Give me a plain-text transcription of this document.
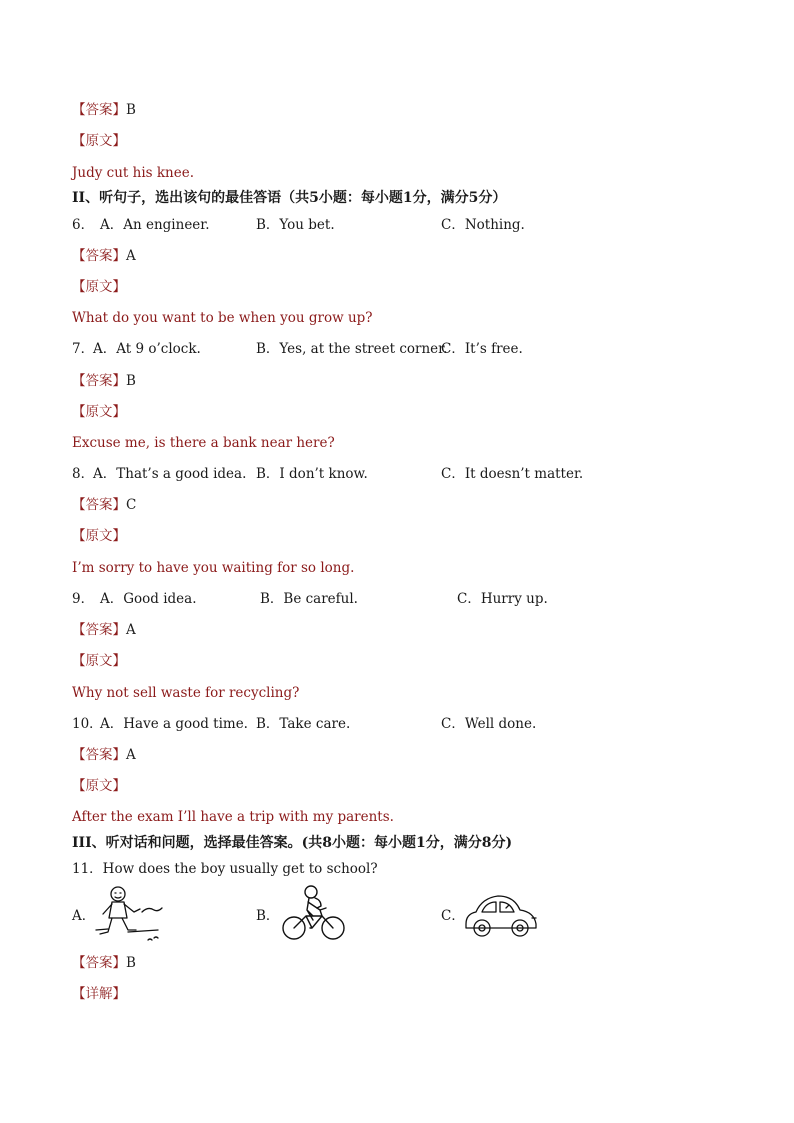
【答案】B
【原文】
Judy cut his knee.
II、听句子，选出该句的最佳答语（共5小题：每小题1分，满分5分）
6． A．An engineer.	B．You bet.	C．Nothing.
【答案】A
【原文】
What do you want to be when you grow up?
7．
A．At 9 o’clock.	B．Yes, at the street corner.
C．It’s free.
【答案】B
【原文】
Excuse me, is there a bank near here?
8．
A．That’s a good idea. B．I don’t know.	C．It doesn’t matter.
【答案】C
【原文】
I’m sorry to have you waiting for so long.
9． A．Good idea.	B．Be careful.	C．Hurry up.
【答案】A
【原文】
Why not sell waste for recycling?
10．
A．Have a good time. B．Take care.	C．Well done.
【答案】A
【原文】
After the exam I’ll have a trip with my parents.
III、听对话和问题，选择最佳答案。(共8小题：每小题1分，满分8分)
11．How does the boy usually get to school?
A．	B．	C．
【答案】B
【详解】
